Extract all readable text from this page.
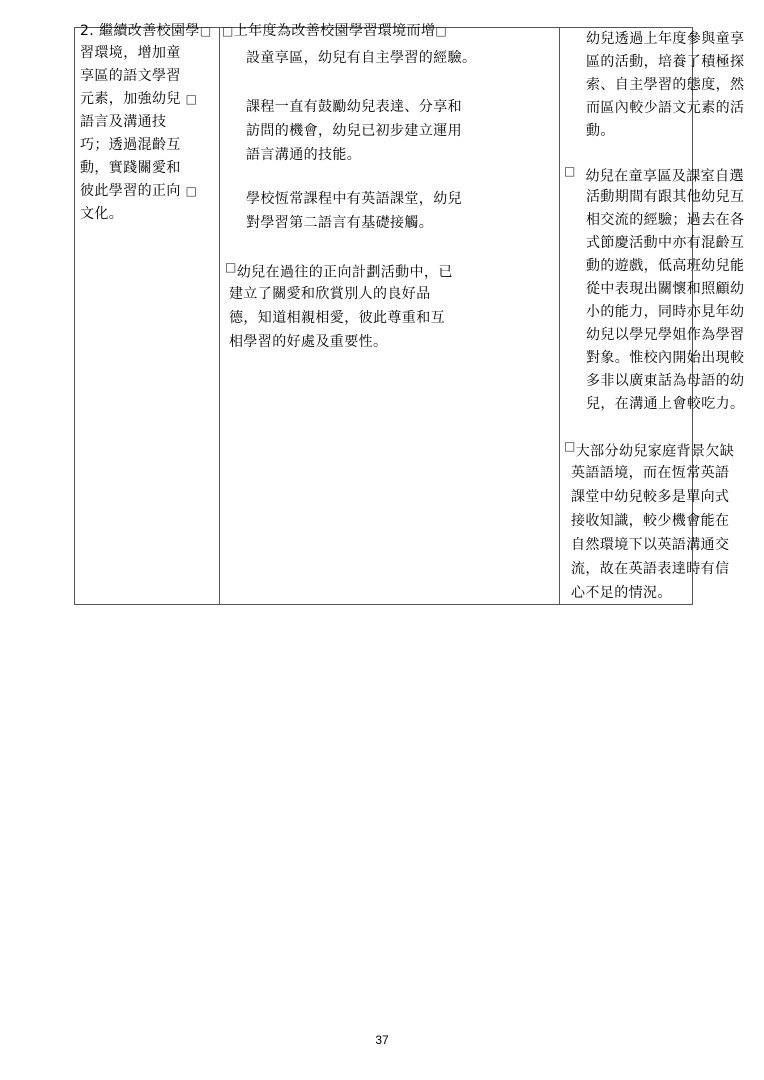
2. 繼續改善校園學□
習環境，增加童
享區的語文學習
元素，加強幼兒 □
語言及溝通技
巧；透過混齡互
動，實踐關愛和
彼此學習的正向 □
文化。
□上年度為改善校園學習環境而增□
設童享區，幼兒有自主學習的經驗。
課程一直有鼓勵幼兒表達、分享和
訪問的機會，幼兒已初步建立運用
語言溝通的技能。
學校恆常課程中有英語課堂，幼兒
對學習第二語言有基礎接觸。
□幼兒在過往的正向計劃活動中，已
建立了關愛和欣賞別人的良好品
德，知道相親相愛，彼此尊重和互
相學習的好處及重要性。
幼兒透過上年度參與童享
區的活動，培養了積極探
索、自主學習的態度，然
而區內較少語文元素的活
動。
□ 幼兒在童享區及課室自選
活動期間有跟其他幼兒互
相交流的經驗；過去在各
式節慶活動中亦有混齡互
動的遊戲，低高班幼兒能
從中表現出關懷和照顧幼
小的能力，同時亦見年幼
幼兒以學兄學姐作為學習
對象。惟校內開始出現較
多非以廣東話為母語的幼
兒，在溝通上會較吃力。
□大部分幼兒家庭背景欠缺
英語語境，而在恆常英語
課堂中幼兒較多是單向式
接收知識，較少機會能在
自然環境下以英語溝通交
流，故在英語表達時有信
心不足的情況。
37
